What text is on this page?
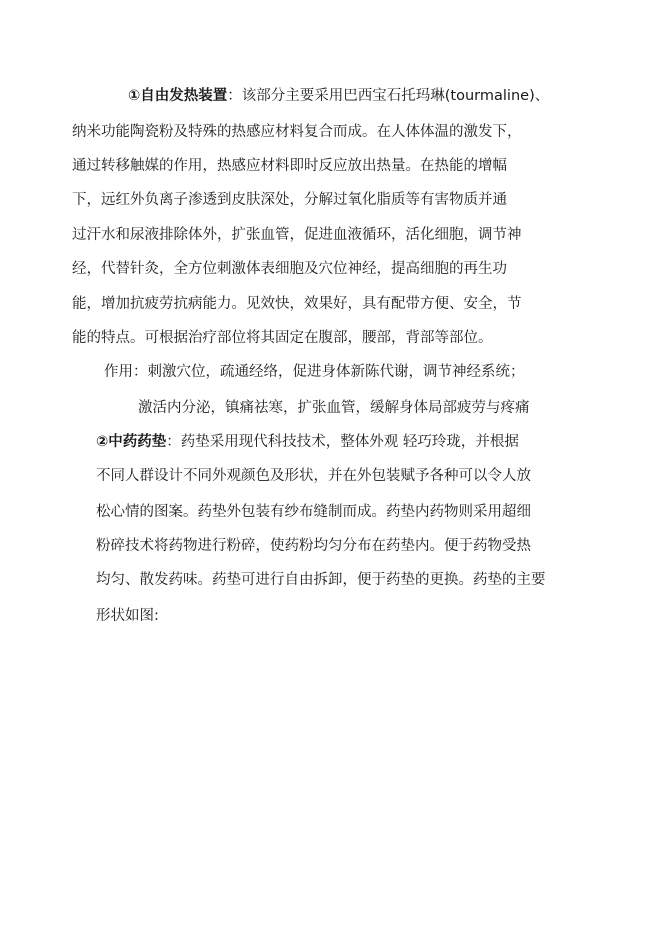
①自由发热装置：该部分主要采用巴西宝石托玛琳(tourmaline)、
纳米功能陶瓷粉及特殊的热感应材料复合而成。在人体体温的激发下，
通过转移触媒的作用，热感应材料即时反应放出热量。在热能的增幅
下，远红外负离子渗透到皮肤深处，分解过氧化脂质等有害物质并通
过汗水和尿液排除体外，扩张血管，促进血液循环，活化细胞，调节神
经，代替针灸，全方位刺激体表细胞及穴位神经，提高细胞的再生功
能，增加抗疲劳抗病能力。见效快，效果好，具有配带方便、安全，节
能的特点。可根据治疗部位将其固定在腹部，腰部，背部等部位。
作用：刺激穴位，疏通经络，促进身体新陈代谢，调节神经系统；
激活内分泌，镇痛祛寒，扩张血管，缓解身体局部疲劳与疼痛
②中药药垫：药垫采用现代科技技术，整体外观 轻巧玲珑，并根据
不同人群设计不同外观颜色及形状，并在外包装赋予各种可以令人放
松心情的图案。药垫外包装有纱布缝制而成。药垫内药物则采用超细
粉碎技术将药物进行粉碎，使药粉均匀分布在药垫内。便于药物受热
均匀、散发药味。药垫可进行自由拆卸，便于药垫的更换。药垫的主要
形状如图:
